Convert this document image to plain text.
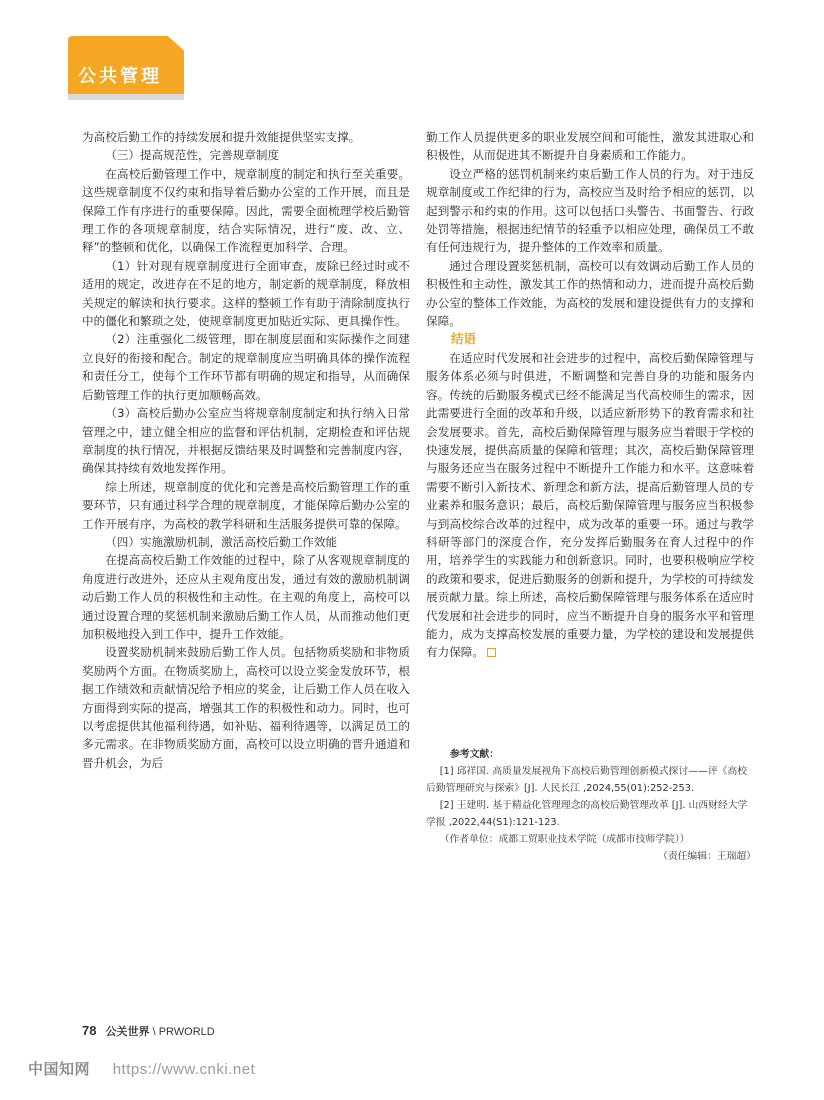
公共管理

为高校后勤工作的持续发展和提升效能提供坚实支撑。

（三）提高规范性，完善规章制度

在高校后勤管理工作中，规章制度的制定和执行至关重要。这些规章制度不仅约束和指导着后勤办公室的工作开展，而且是保障工作有序进行的重要保障。因此，需要全面梳理学校后勤管理工作的各项规章制度，结合实际情况，进行“废、改、立、释”的整顿和优化，以确保工作流程更加科学、合理。

（1）针对现有规章制度进行全面审查，废除已经过时或不适用的规定，改进存在不足的地方，制定新的规章制度，释放相关规定的解读和执行要求。这样的整顿工作有助于清除制度执行中的僵化和繁琐之处，使规章制度更加贴近实际、更具操作性。

（2）注重强化二级管理，即在制度层面和实际操作之间建立良好的衔接和配合。制定的规章制度应当明确具体的操作流程和责任分工，使每个工作环节都有明确的规定和指导，从而确保后勤管理工作的执行更加顺畅高效。

（3）高校后勤办公室应当将规章制度制定和执行纳入日常管理之中，建立健全相应的监督和评估机制，定期检查和评估规章制度的执行情况，并根据反馈结果及时调整和完善制度内容，确保其持续有效地发挥作用。

综上所述，规章制度的优化和完善是高校后勤管理工作的重要环节，只有通过科学合理的规章制度，才能保障后勤办公室的工作开展有序，为高校的教学科研和生活服务提供可靠的保障。

（四）实施激励机制，激活高校后勤工作效能

在提高高校后勤工作效能的过程中，除了从客观规章制度的角度进行改进外，还应从主观角度出发，通过有效的激励机制调动后勤工作人员的积极性和主动性。在主观的角度上，高校可以通过设置合理的奖惩机制来激励后勤工作人员，从而推动他们更加积极地投入到工作中，提升工作效能。

设置奖励机制来鼓励后勤工作人员。包括物质奖励和非物质奖励两个方面。在物质奖励上，高校可以设立奖金发放环节，根据工作绩效和贡献情况给予相应的奖金，让后勤工作人员在收入方面得到实际的提高，增强其工作的积极性和动力。同时，也可以考虑提供其他福利待遇，如补贴、福利待遇等，以满足员工的多元需求。在非物质奖励方面，高校可以设立明确的晋升通道和晋升机会，为后

勤工作人员提供更多的职业发展空间和可能性，激发其进取心和积极性，从而促进其不断提升自身素质和工作能力。

设立严格的惩罚机制来约束后勤工作人员的行为。对于违反规章制度或工作纪律的行为，高校应当及时给予相应的惩罚，以起到警示和约束的作用。这可以包括口头警告、书面警告、行政处罚等措施，根据违纪情节的轻重予以相应处理，确保员工不敢有任何违规行为，提升整体的工作效率和质量。

通过合理设置奖惩机制，高校可以有效调动后勤工作人员的积极性和主动性，激发其工作的热情和动力，进而提升高校后勤办公室的整体工作效能，为高校的发展和建设提供有力的支撑和保障。

结语

在适应时代发展和社会进步的过程中，高校后勤保障管理与服务体系必须与时俱进，不断调整和完善自身的功能和服务内容。传统的后勤服务模式已经不能满足当代高校师生的需求，因此需要进行全面的改革和升级，以适应新形势下的教育需求和社会发展要求。首先，高校后勤保障管理与服务应当着眼于学校的快速发展，提供高质量的保障和管理；其次，高校后勤保障管理与服务还应当在服务过程中不断提升工作能力和水平。这意味着需要不断引入新技术、新理念和新方法，提高后勤管理人员的专业素养和服务意识；最后，高校后勤保障管理与服务应当积极参与到高校综合改革的过程中，成为改革的重要一环。通过与教学科研等部门的深度合作，充分发挥后勤服务在育人过程中的作用，培养学生的实践能力和创新意识。同时，也要积极响应学校的政策和要求，促进后勤服务的创新和提升，为学校的可持续发展贡献力量。综上所述，高校后勤保障管理与服务体系在适应时代发展和社会进步的同时，应当不断提升自身的服务水平和管理能力，成为支撑高校发展的重要力量，为学校的建设和发展提供有力保障。

参考文献：
[1] 邱祥国. 高质量发展视角下高校后勤管理创新模式探讨——评《高校后勤管理研究与探索》[J]. 人民长江 ,2024,55(01):252-253.
[2] 王建明. 基于精益化管理理念的高校后勤管理改革 [J]. 山西财经大学学报 ,2022,44(S1):121-123.
（作者单位：成都工贸职业技术学院（成都市技师学院））
（责任编辑：王瑞超）
78 公关世界 \ PRWORLD
中国知网 https://www.cnki.net
